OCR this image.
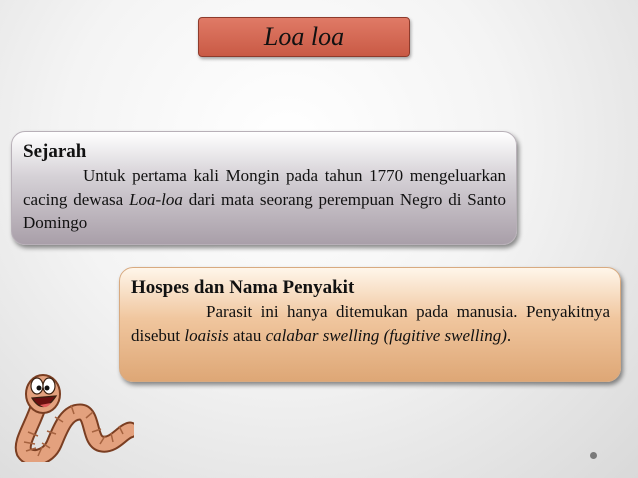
Loa loa
Sejarah
Untuk pertama kali Mongin pada tahun 1770 mengeluarkan cacing dewasa Loa-loa dari mata seorang perempuan Negro di Santo Domingo
Hospes dan Nama Penyakit
Parasit ini hanya ditemukan pada manusia. Penyakitnya disebut loaisis atau calabar swelling (fugitive swelling).
